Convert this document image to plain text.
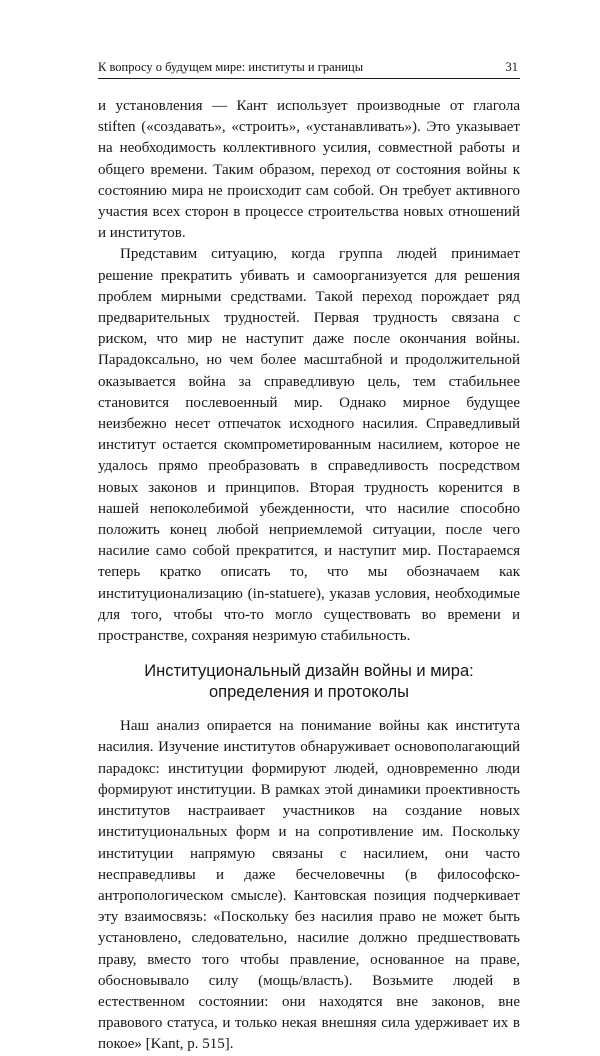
К вопросу о будущем мире: институты и границы	31

и установления — Кант использует производные от глагола stiften («создавать», «строить», «устанавливать»). Это указывает на необходимость коллективного усилия, совместной работы и общего времени. Таким образом, переход от состояния войны к состоянию мира не происходит сам собой. Он требует активного участия всех сторон в процессе строительства новых отношений и институтов.

Представим ситуацию, когда группа людей принимает решение прекратить убивать и самоорганизуется для решения проблем мирными средствами. Такой переход порождает ряд предварительных трудностей. Первая трудность связана с риском, что мир не наступит даже после окончания войны. Парадоксально, но чем более масштабной и продолжительной оказывается война за справедливую цель, тем стабильнее становится послевоенный мир. Однако мирное будущее неизбежно несет отпечаток исходного насилия. Справедливый институт остается скомпрометированным насилием, которое не удалось прямо преобразовать в справедливость посредством новых законов и принципов. Вторая трудность коренится в нашей непоколебимой убежденности, что насилие способно положить конец любой неприемлемой ситуации, после чего насилие само собой прекратится, и наступит мир. Постараемся теперь кратко описать то, что мы обозначаем как институционализацию (in-statuere), указав условия, необходимые для того, чтобы что-то могло существовать во времени и пространстве, сохраняя незримую стабильность.

Институциональный дизайн войны и мира:
определения и протоколы

Наш анализ опирается на понимание войны как института насилия. Изучение институтов обнаруживает основополагающий парадокс: институции формируют людей, одновременно люди формируют институции. В рамках этой динамики проективность институтов настраивает участников на создание новых институциональных форм и на сопротивление им. Поскольку институции напрямую связаны с насилием, они часто несправедливы и даже бесчеловечны (в философско-антропологическом смысле). Кантовская позиция подчеркивает эту взаимосвязь: «Поскольку без насилия право не может быть установлено, следовательно, насилие должно предшествовать праву, вместо того чтобы правление, основанное на праве, обосновывало силу (мощь/власть). Возьмите людей в естественном состоянии: они находятся вне законов, вне правового статуса, и только некая внешняя сила удерживает их в покое» [Kant, p. 515].
